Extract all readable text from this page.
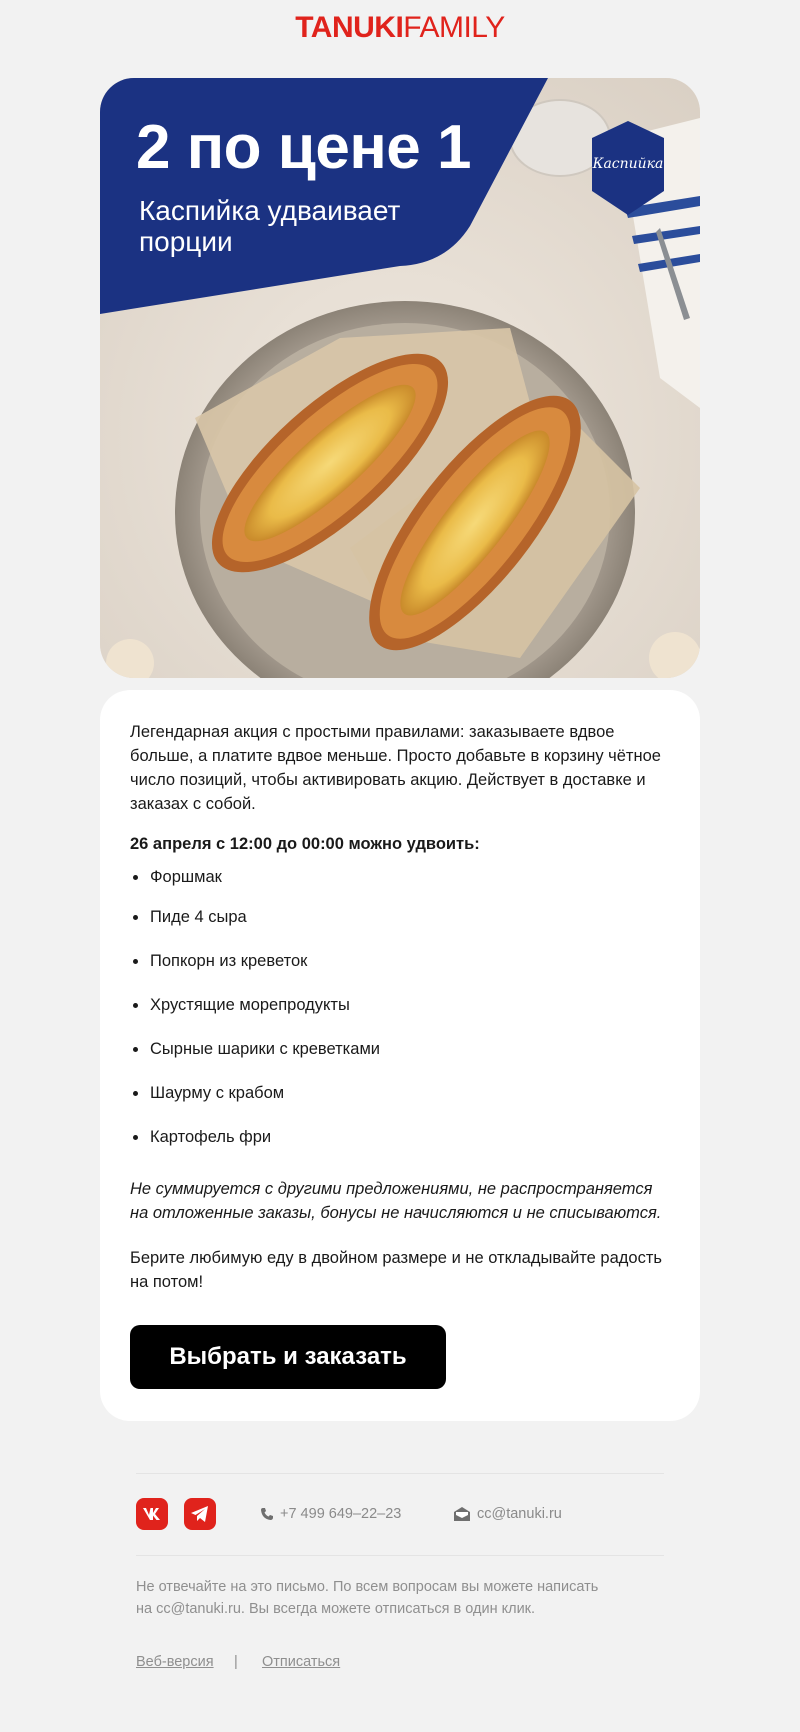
TANUKIFAMILY
2 по цене 1
Каспийка удваивает порции
Каспийка
Легендарная акция с простыми правилами: заказываете вдвое больше, а платите вдвое меньше. Просто добавьте в корзину чётное число позиций, чтобы активировать акцию. Действует в доставке и заказах с собой.
26 апреля с 12:00 до 00:00 можно удвоить:
Форшмак
Пиде 4 сыра
Попкорн из креветок
Хрустящие морепродукты
Сырные шарики с креветками
Шаурму с крабом
Картофель фри
Не суммируется с другими предложениями, не распространяется на отложенные заказы, бонусы не начисляются и не списываются.
Берите любимую еду в двойном размере и не откладывайте радость на потом!
Выбрать и заказать
+7 499 649–22–23	cc@tanuki.ru
Не отвечайте на это письмо. По всем вопросам вы можете написать на cc@tanuki.ru. Вы всегда можете отписаться в один клик.
Веб-версия | Отписаться
